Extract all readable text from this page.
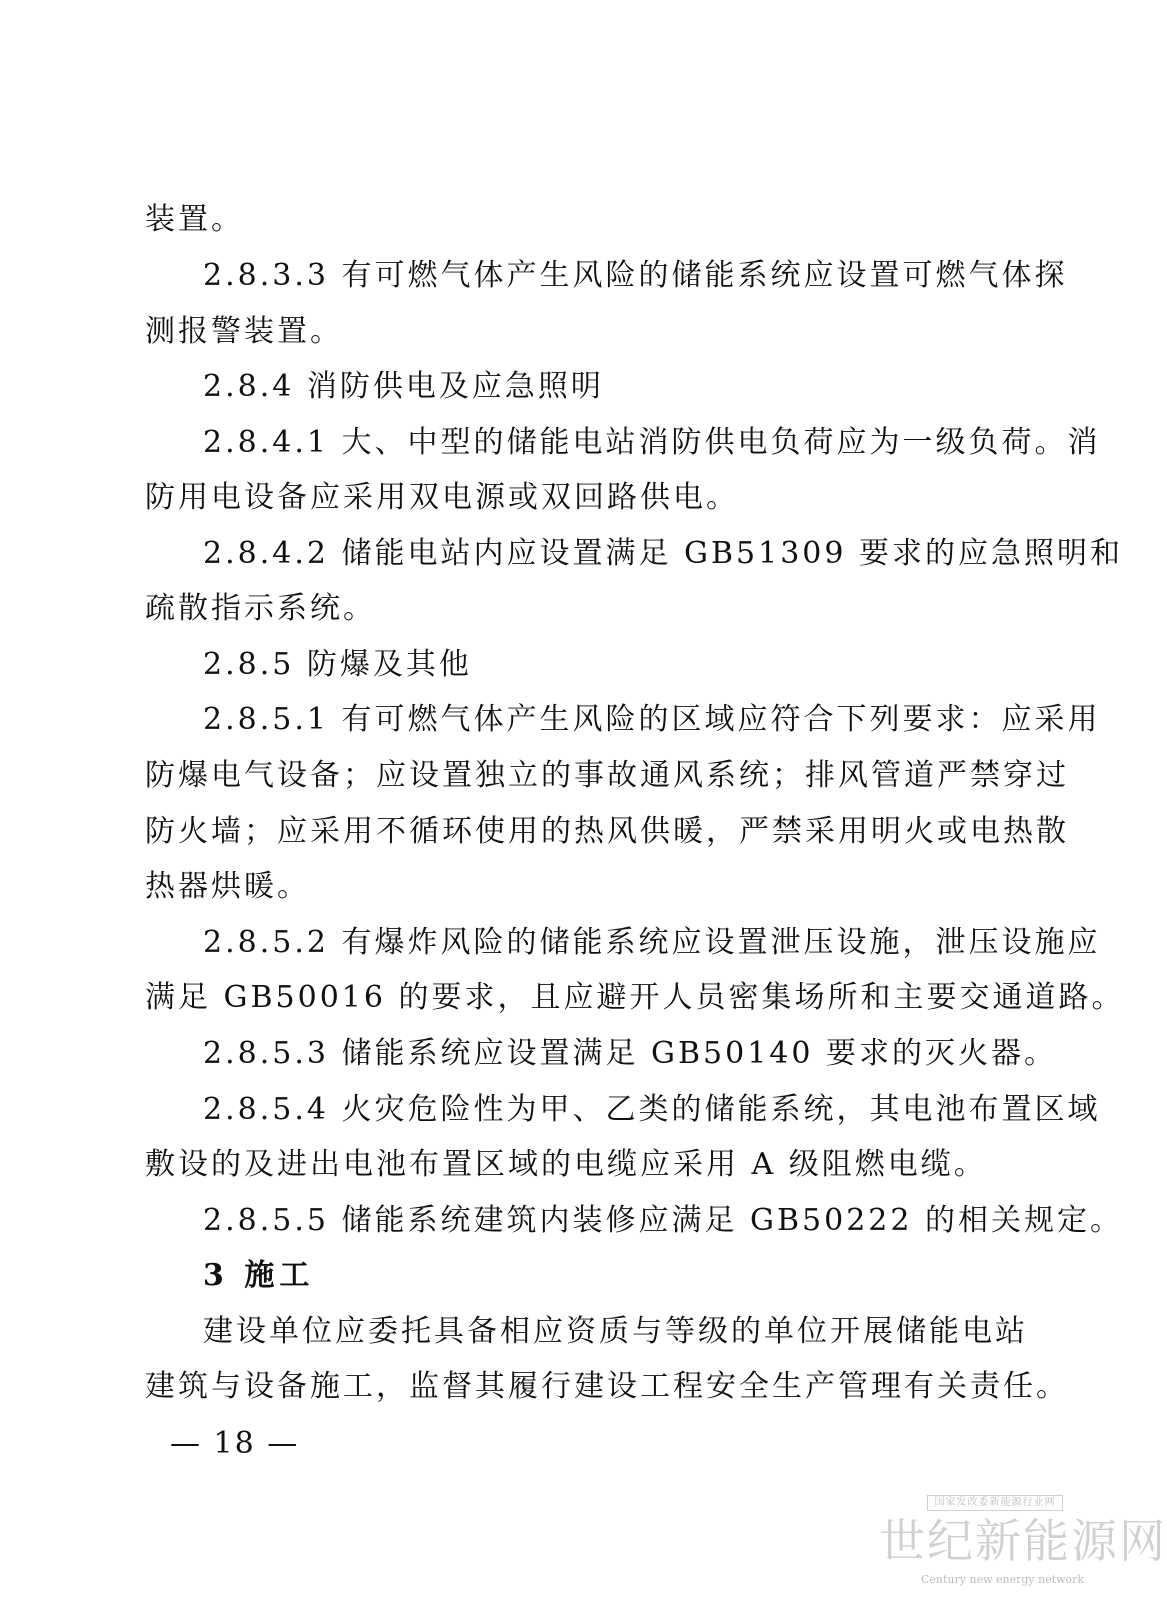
装置。
2.8.3.3 有可燃气体产生风险的储能系统应设置可燃气体探
测报警装置。
2.8.4 消防供电及应急照明
2.8.4.1 大、中型的储能电站消防供电负荷应为一级负荷。消
防用电设备应采用双电源或双回路供电。
2.8.4.2 储能电站内应设置满足 GB51309 要求的应急照明和
疏散指示系统。
2.8.5 防爆及其他
2.8.5.1 有可燃气体产生风险的区域应符合下列要求：应采用
防爆电气设备；应设置独立的事故通风系统；排风管道严禁穿过
防火墙；应采用不循环使用的热风供暖，严禁采用明火或电热散
热器烘暖。
2.8.5.2 有爆炸风险的储能系统应设置泄压设施，泄压设施应
满足 GB50016 的要求，且应避开人员密集场所和主要交通道路。
2.8.5.3 储能系统应设置满足 GB50140 要求的灭火器。
2.8.5.4 火灾危险性为甲、乙类的储能系统，其电池布置区域
敷设的及进出电池布置区域的电缆应采用 A 级阻燃电缆。
2.8.5.5 储能系统建筑内装修应满足 GB50222 的相关规定。
3 施工
建设单位应委托具备相应资质与等级的单位开展储能电站
建筑与设备施工，监督其履行建设工程安全生产管理有关责任。
— 18 —
国家发改委新能源行业网
世纪新能源网
Century new energy network
